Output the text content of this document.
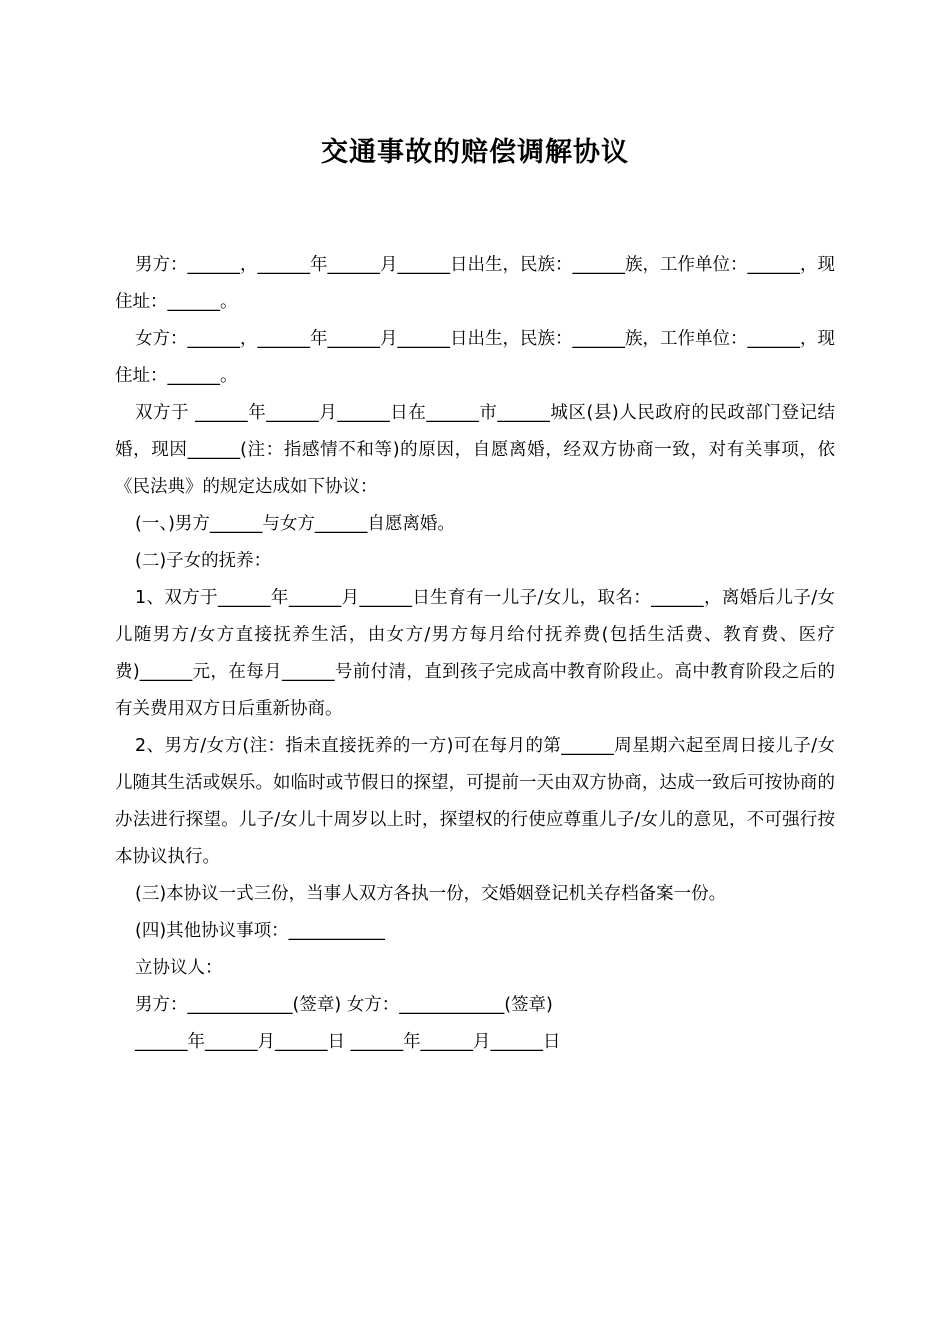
交通事故的赔偿调解协议

男方：______，______年______月______日出生，民族：______族，工作单位：______，现住址：______。

女方：______，______年______月______日出生，民族：______族，工作单位：______，现住址：______。

双方于 ______年______月______日在______市______城区(县)人民政府的民政部门登记结婚，现因______(注：指感情不和等)的原因，自愿离婚，经双方协商一致，对有关事项，依《民法典》的规定达成如下协议：

(一、)男方______与女方______自愿离婚。

(二)子女的抚养：

1、双方于______年______月______日生育有一儿子/女儿，取名：______，离婚后儿子/女儿随男方/女方直接抚养生活，由女方/男方每月给付抚养费(包括生活费、教育费、医疗费)______元，在每月______号前付清，直到孩子完成高中教育阶段止。高中教育阶段之后的有关费用双方日后重新协商。

2、男方/女方(注：指未直接抚养的一方)可在每月的第______周星期六起至周日接儿子/女儿随其生活或娱乐。如临时或节假日的探望，可提前一天由双方协商，达成一致后可按协商的办法进行探望。儿子/女儿十周岁以上时，探望权的行使应尊重儿子/女儿的意见，不可强行按本协议执行。

(三)本协议一式三份，当事人双方各执一份，交婚姻登记机关存档备案一份。

(四)其他协议事项：___________

立协议人：

男方：____________(签章) 女方：____________(签章)

______年______月______日 ______年______月______日
